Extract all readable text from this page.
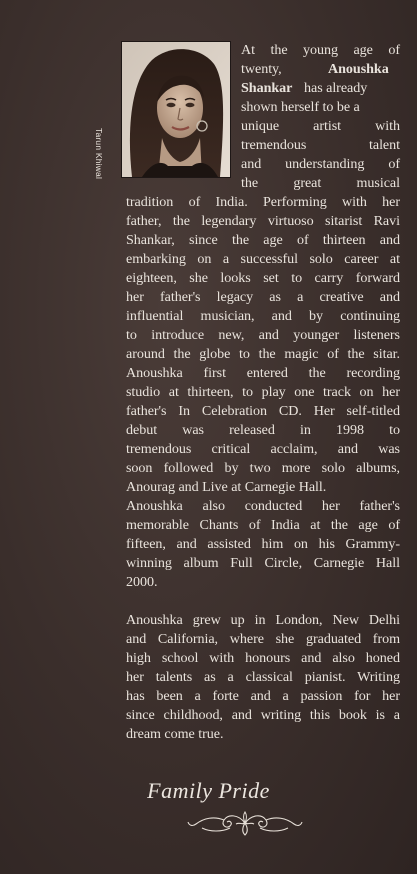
Tarun Khiwal
At the young age of
twenty,	Anoushka
Shankar has already
shown herself to be a
unique artist with
tremendous talent
and understanding of
the great musical
tradition of India. Performing with her
father, the legendary virtuoso sitarist Ravi
Shankar, since the age of thirteen and
embarking on a successful solo career at
eighteen, she looks set to carry forward
her father's legacy as a creative and
influential musician, and by continuing
to introduce new, and younger listeners
around the globe to the magic of the sitar.
Anoushka first entered the recording
studio at thirteen, to play one track on her
father's In Celebration CD. Her self-titled
debut was released in 1998 to
tremendous critical acclaim, and was
soon followed by two more solo albums,
Anourag and Live at Carnegie Hall.
Anoushka also conducted her father's
memorable Chants of India at the age of
fifteen, and assisted him on his Grammy-
winning album Full Circle, Carnegie Hall
2000.
Anoushka grew up in London, New Delhi
and California, where she graduated from
high school with honours and also honed
her talents as a classical pianist. Writing
has been a forte and a passion for her
since childhood, and writing this book is a
dream come true.
Family Pride
